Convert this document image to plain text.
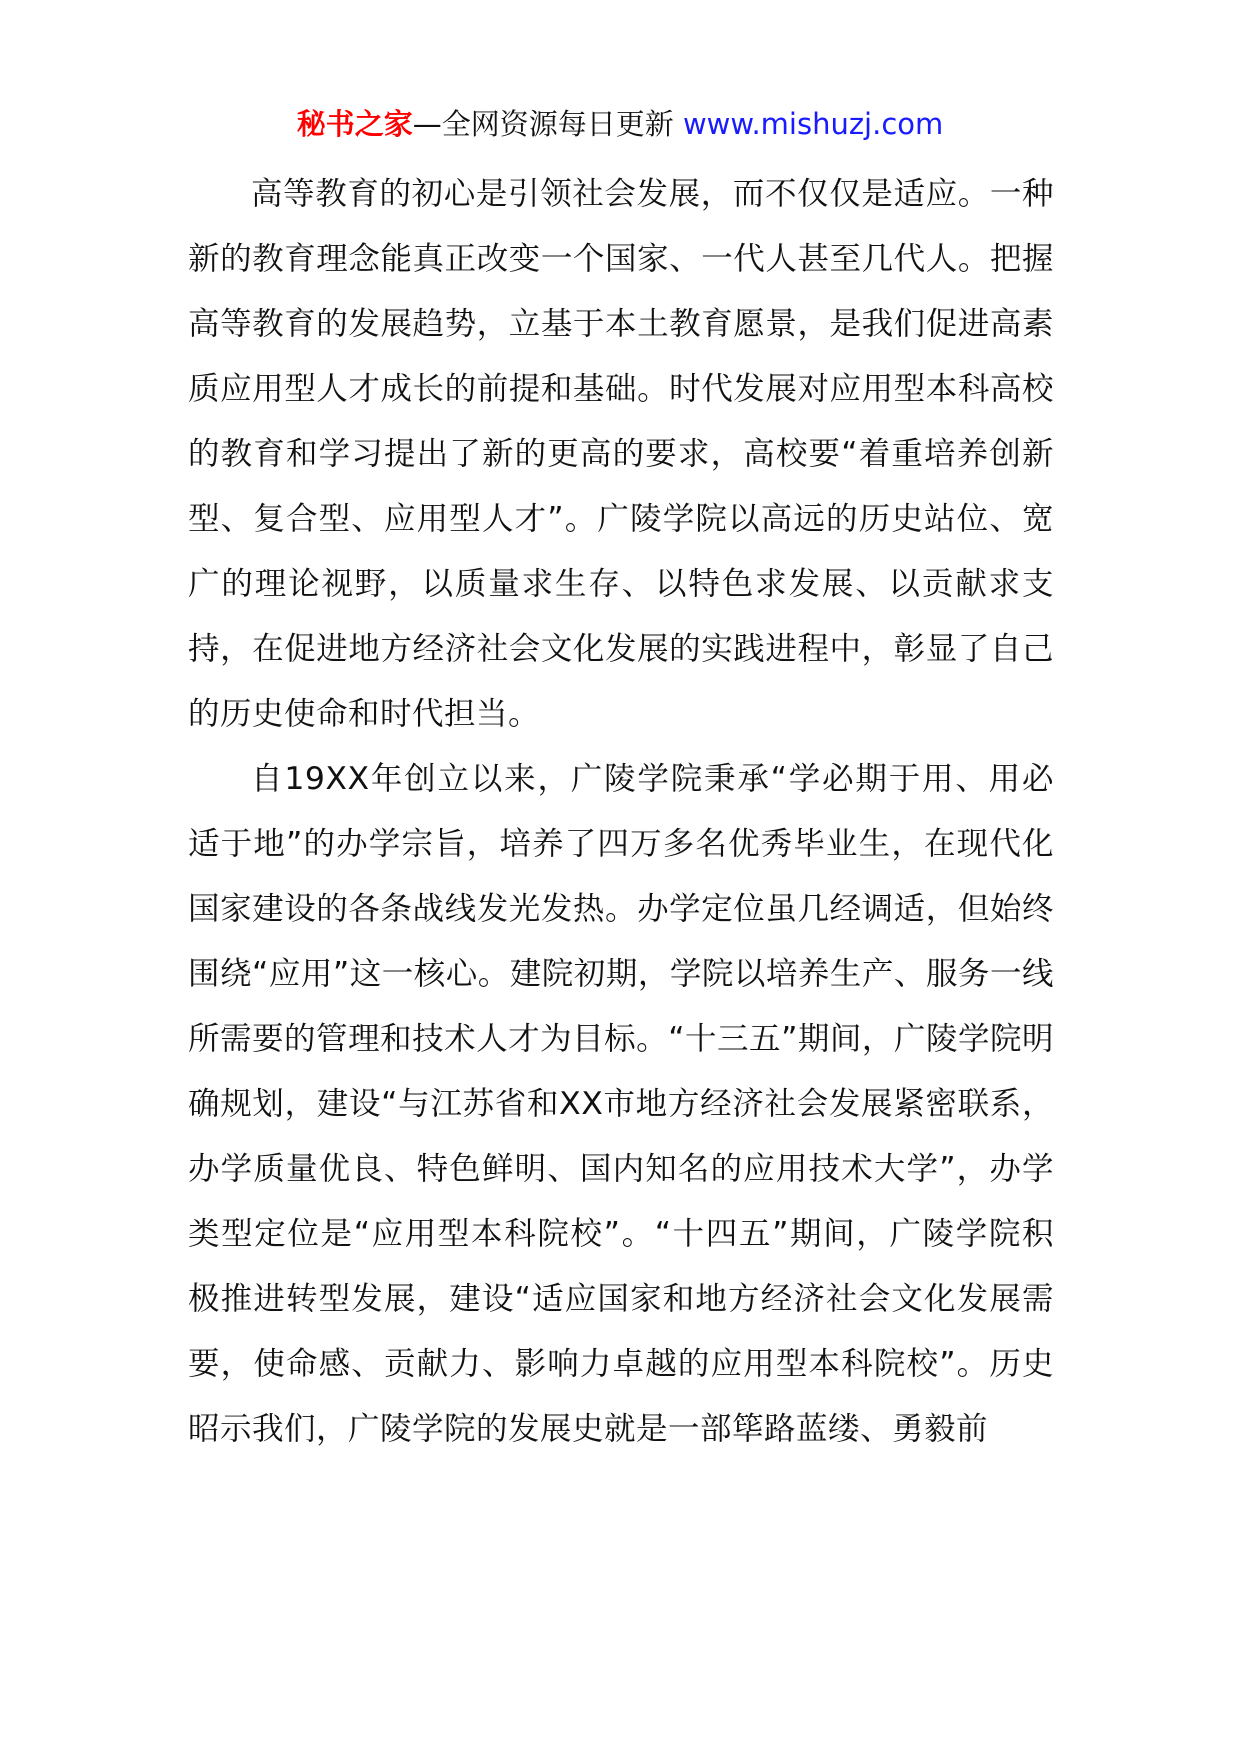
秘书之家—全网资源每日更新 www.mishuzj.com

高等教育的初心是引领社会发展，而不仅仅是适应。一种新的教育理念能真正改变一个国家、一代人甚至几代人。把握高等教育的发展趋势，立基于本土教育愿景，是我们促进高素质应用型人才成长的前提和基础。时代发展对应用型本科高校的教育和学习提出了新的更高的要求，高校要“着重培养创新型、复合型、应用型人才”。广陵学院以高远的历史站位、宽广的理论视野，以质量求生存、以特色求发展、以贡献求支持，在促进地方经济社会文化发展的实践进程中，彰显了自己的历史使命和时代担当。

自19XX年创立以来，广陵学院秉承“学必期于用、用必适于地”的办学宗旨，培养了四万多名优秀毕业生，在现代化国家建设的各条战线发光发热。办学定位虽几经调适，但始终围绕“应用”这一核心。建院初期，学院以培养生产、服务一线所需要的管理和技术人才为目标。“十三五”期间，广陵学院明确规划，建设“与江苏省和XX市地方经济社会发展紧密联系，办学质量优良、特色鲜明、国内知名的应用技术大学”，办学类型定位是“应用型本科院校”。“十四五”期间，广陵学院积极推进转型发展，建设“适应国家和地方经济社会文化发展需要，使命感、贡献力、影响力卓越的应用型本科院校”。历史昭示我们，广陵学院的发展史就是一部筚路蓝缕、勇毅前
